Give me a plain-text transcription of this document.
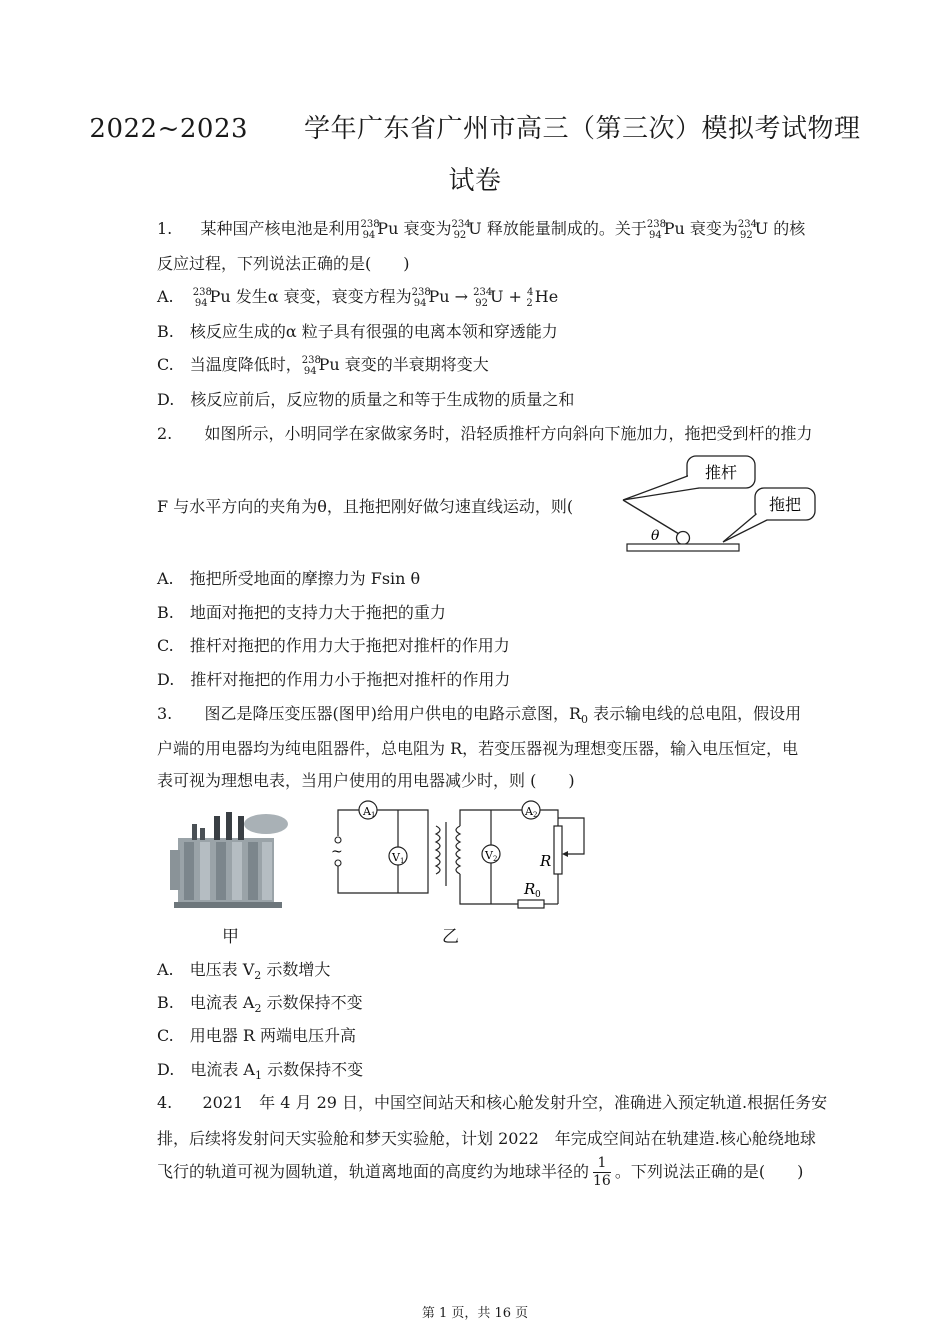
2022~2023 学年广东省广州市高三（第三次）模拟考试物理
试卷
1. 某种国产核电池是利用$^{238}_{94}$ Pu 衰变为$^{234}_{92}$ U 释放能量制成的。关于$^{238}_{94}$ Pu 衰变为$^{234}_{92}$ U 的核
反应过程，下列说法正确的是(　　)
A. $^{238}_{94}$ Pu 发生α 衰变，衰变方程为$^{238}_{94}$ Pu → $^{234}_{92}$ U + $^4_2$ He
B.　核反应生成的α 粒子具有很强的电离本领和穿透能力
C.　当温度降低时，$^{238}_{94}$ Pu 衰变的半衰期将变大
D.　核反应前后，反应物的质量之和等于生成物的质量之和
2. 如图所示，小明同学在家做家务时，沿轻质推杆方向斜向下施加力，拖把受到杆的推力
F 与水平方向的夹角为θ，且拖把刚好做匀速直线运动，则(
推杆
拖把
θ
A.　拖把所受地面的摩擦力为 Fsin θ
B.　地面对拖把的支持力大于拖把的重力
C.　推杆对拖把的作用力大于拖把对推杆的作用力
D.　推杆对拖把的作用力小于拖把对推杆的作用力
3. 图乙是降压变压器(图甲)给用户供电的电路示意图，$R_0$ 表示输电线的总电阻，假设用
户端的用电器均为纯电阻器件，总电阻为 R，若变压器视为理想变压器，输入电压恒定，电
表可视为理想电表，当用户使用的用电器减少时，则 (　　)
甲
~
A 1
V 1
R 0
A 2
V 2	R
乙
A.　电压表 $V_2$ 示数增大
B.　电流表 $A_2$ 示数保持不变
C.　用电器 R 两端电压升高
D.　电流表 $A_1$ 示数保持不变
4. 2021　年 4 月 29 日，中国空间站天和核心舱发射升空，准确进入预定轨道.根据任务安
排，后续将发射问天实验舱和梦天实验舱，计划 2022　年完成空间站在轨建造.核心舱绕地球
飞行的轨道可视为圆轨道，轨道离地面的高度约为地球半径的 $\frac{1}{16}$ 。下列说法正确的是(　　)
第 1 页，共 16 页
